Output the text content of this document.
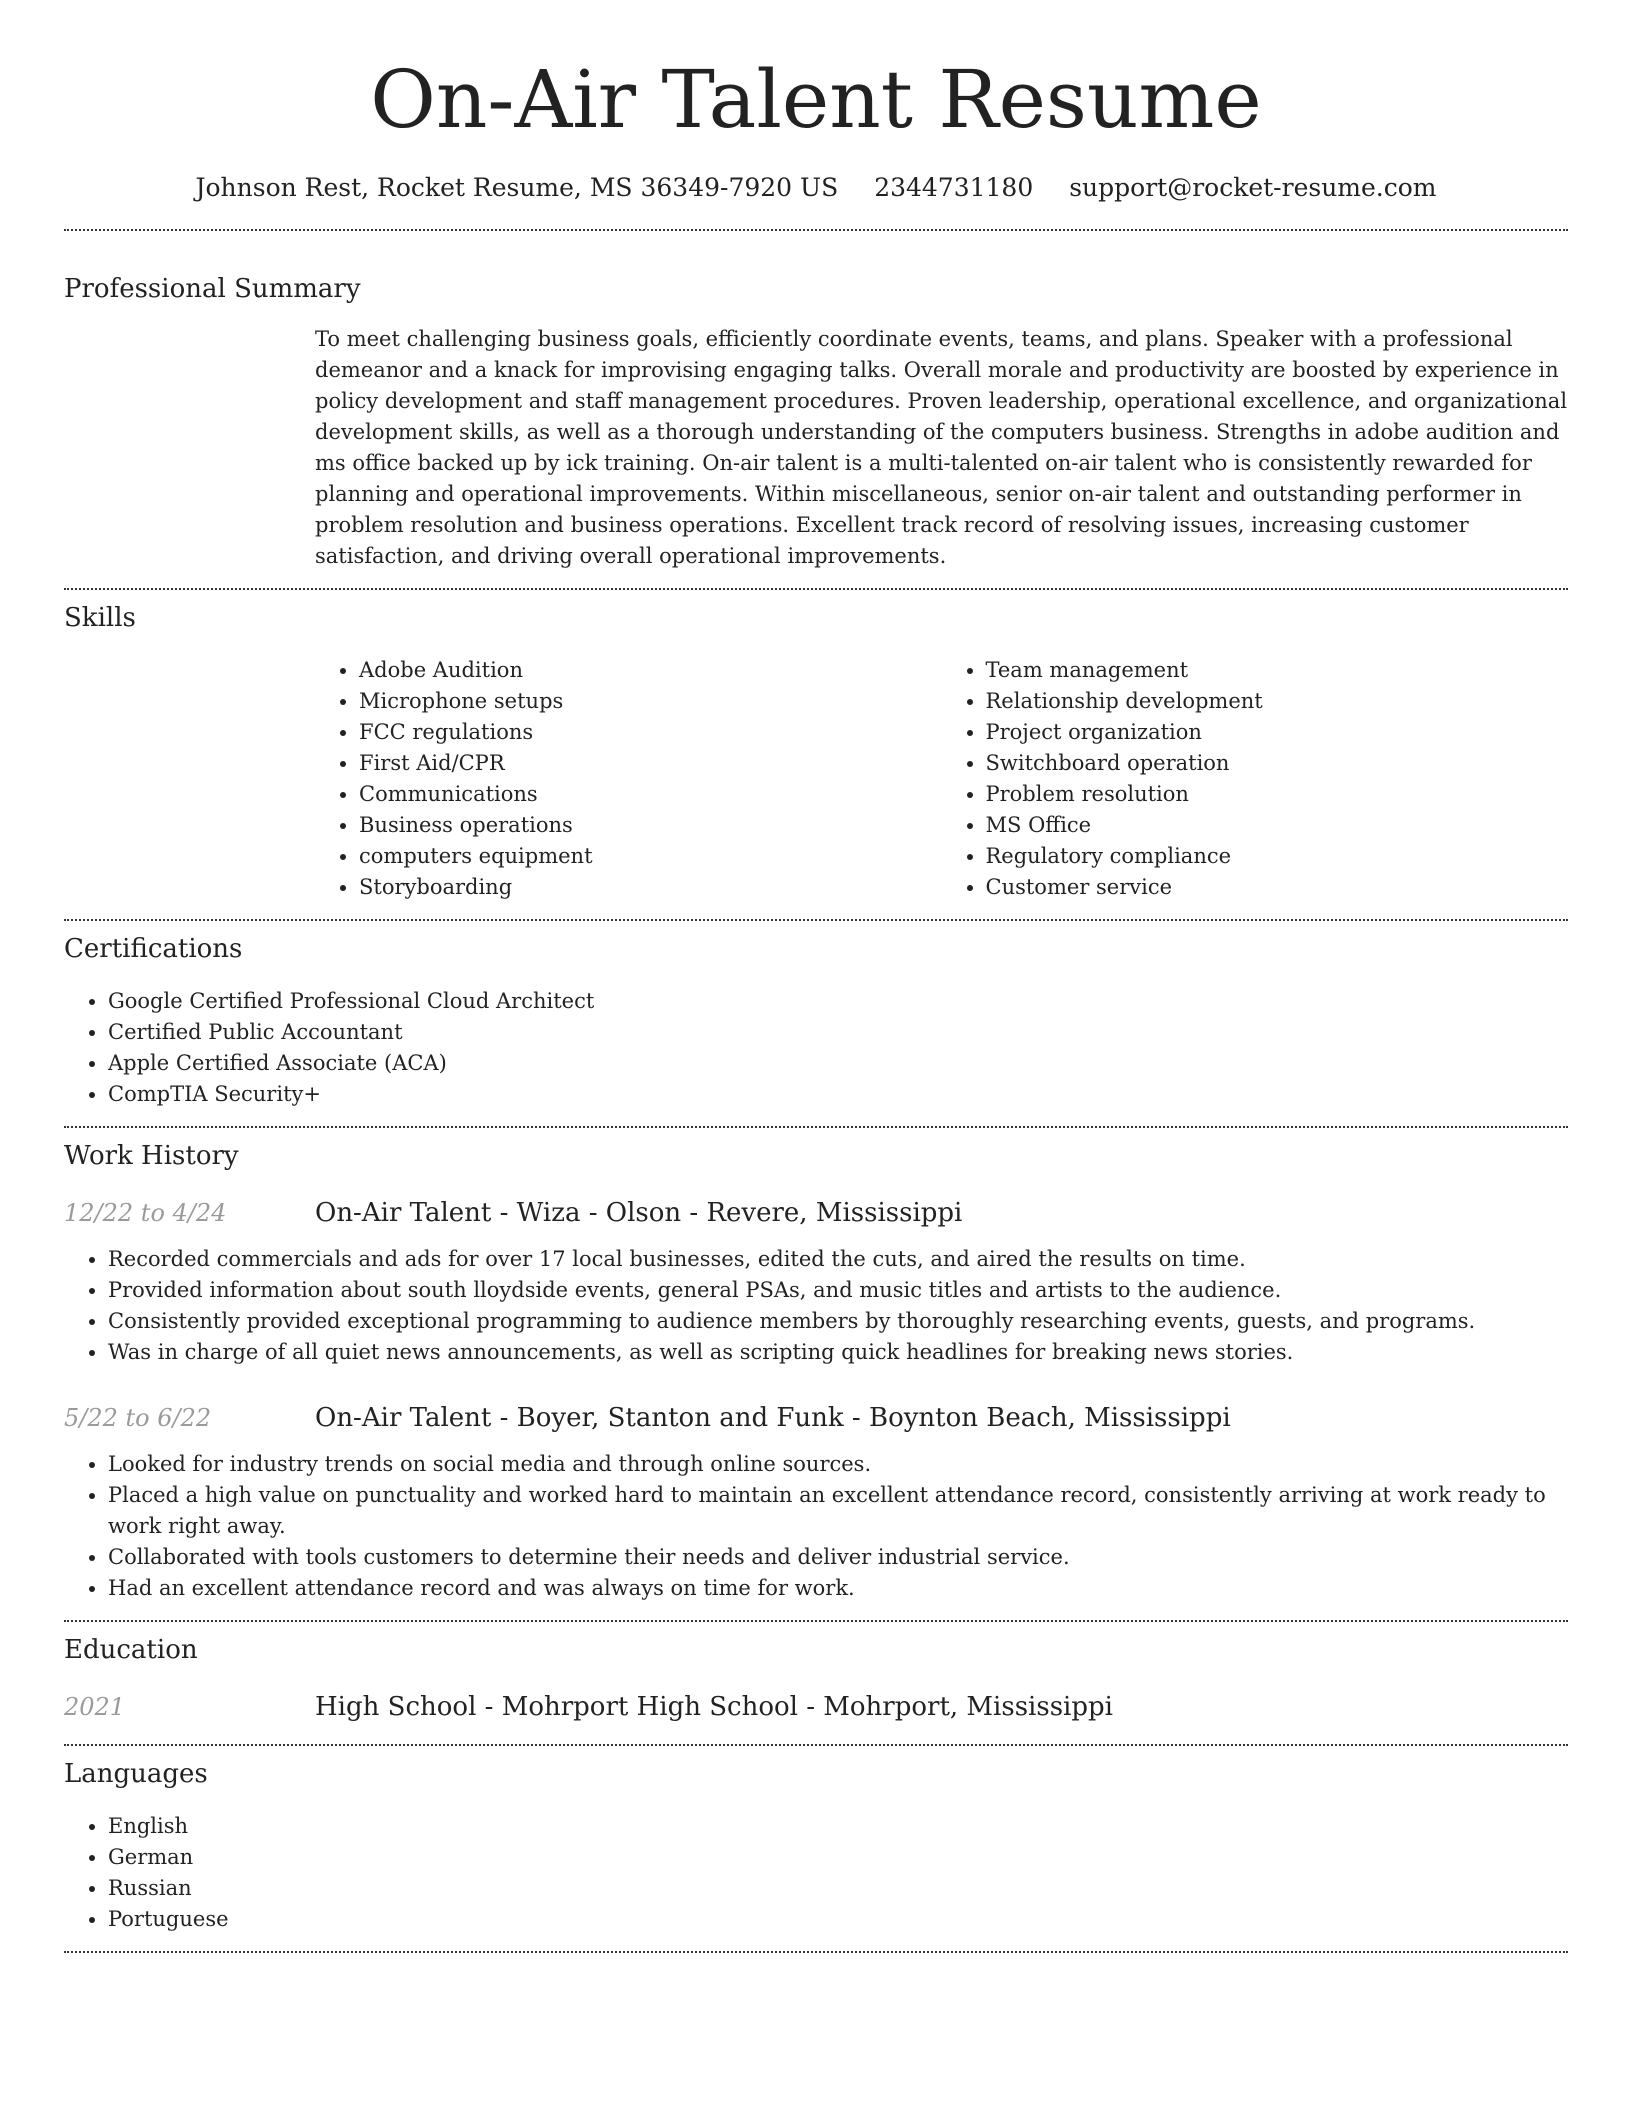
On-Air Talent Resume
Johnson Rest, Rocket Resume, MS 36349-7920 US 2344731180 support@rocket-resume.com
Professional Summary

To meet challenging business goals, efficiently coordinate events, teams, and plans. Speaker with a professional demeanor and a knack for improvising engaging talks. Overall morale and productivity are boosted by experience in policy development and staff management procedures. Proven leadership, operational excellence, and organizational development skills, as well as a thorough understanding of the computers business. Strengths in adobe audition and ms office backed up by ick training. On-air talent is a multi-talented on-air talent who is consistently rewarded for planning and operational improvements. Within miscellaneous, senior on-air talent and outstanding performer in problem resolution and business operations. Excellent track record of resolving issues, increasing customer satisfaction, and driving overall operational improvements.

Skills
• Adobe Audition
• Microphone setups
• FCC regulations
• First Aid/CPR
• Communications
• Business operations
• computers equipment
• Storyboarding
• Team management
• Relationship development
• Project organization
• Switchboard operation
• Problem resolution
• MS Office
• Regulatory compliance
• Customer service
Certifications
• Google Certified Professional Cloud Architect
• Certified Public Accountant
• Apple Certified Associate (ACA)
• CompTIA Security+
Work History
12/22 to 4/24	On-Air Talent - Wiza - Olson - Revere, Mississippi
• Recorded commercials and ads for over 17 local businesses, edited the cuts, and aired the results on time.
• Provided information about south lloydside events, general PSAs, and music titles and artists to the audience.
• Consistently provided exceptional programming to audience members by thoroughly researching events, guests, and programs.
• Was in charge of all quiet news announcements, as well as scripting quick headlines for breaking news stories.
5/22 to 6/22	On-Air Talent - Boyer, Stanton and Funk - Boynton Beach, Mississippi
• Looked for industry trends on social media and through online sources.
• Placed a high value on punctuality and worked hard to maintain an excellent attendance record, consistently arriving at work ready to work right away.
• Collaborated with tools customers to determine their needs and deliver industrial service.
• Had an excellent attendance record and was always on time for work.
Education
2021	High School - Mohrport High School - Mohrport, Mississippi
Languages
• English
• German
• Russian
• Portuguese
